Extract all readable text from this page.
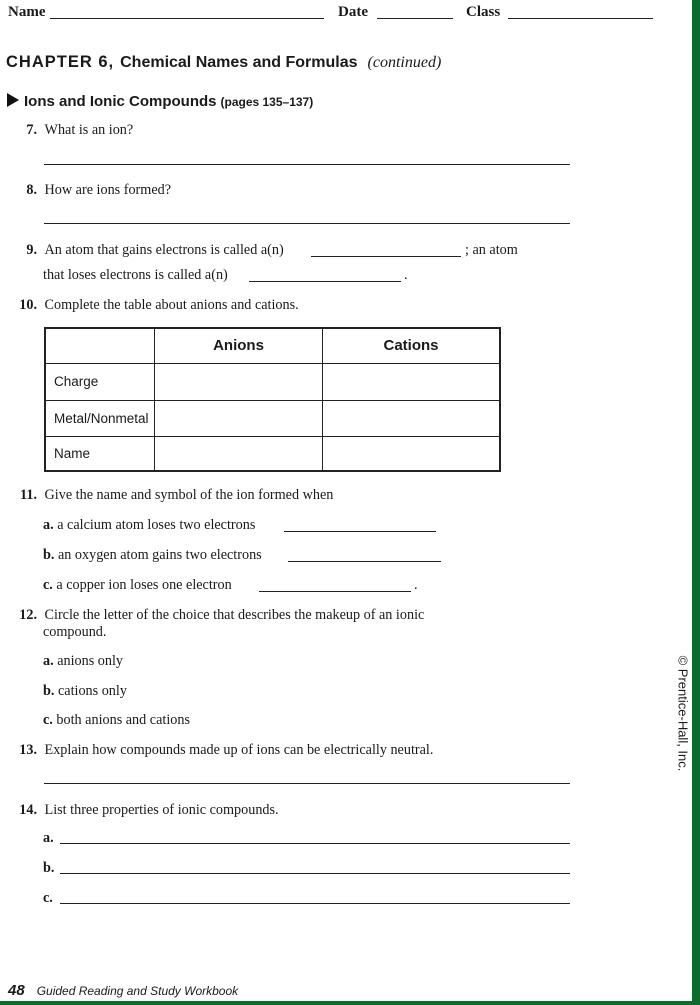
Name	Date	Class
CHAPTER 6, Chemical Names and Formulas (continued)
Ions and Ionic Compounds (pages 135–137)
7. What is an ion?
8. How are ions formed?
9. An atom that gains electrons is called a(n)	; an atom
that loses electrons is called a(n)	.
10. Complete the table about anions and cations.
	Anions	Cations
Charge		
Metal/Nonmetal		
Name		
11. Give the name and symbol of the ion formed when
a. a calcium atom loses two electrons
b. an oxygen atom gains two electrons
c. a copper ion loses one electron	.
12. Circle the letter of the choice that describes the makeup of an ionic
compound.
a. anions only
b. cations only
c. both anions and cations
13. Explain how compounds made up of ions can be electrically neutral.
14. List three properties of ionic compounds.
a.
b.
c.
© Prentice-Hall, Inc.
48 Guided Reading and Study Workbook
